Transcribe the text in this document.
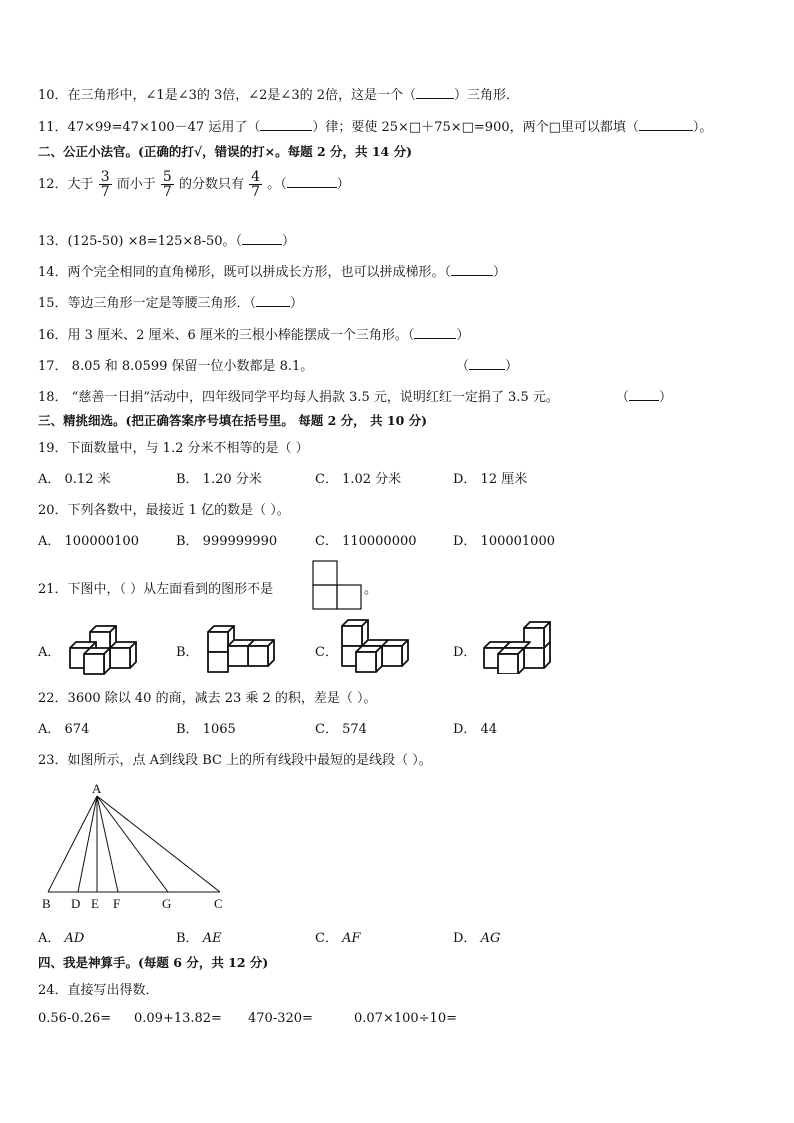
10．在三角形中，∠1是∠3的 3倍，∠2是∠3的 2倍，这是一个（	）三角形．
11．47×99=47×100－47 运用了（	）律；要使 25×□＋75×□=900，两个□里可以都填（	）。
二、公正小法官。(正确的打√，错误的打×。每题 2 分，共 14 分)
12．大于 $\frac{3}{7}$ 而小于 $\frac{5}{7}$ 的分数只有 $\frac{4}{7}$ 。（	）
13．(125-50) ×8=125×8-50。（	）
14．两个完全相同的直角梯形，既可以拼成长方形，也可以拼成梯形。（	）
15．等边三角形一定是等腰三角形．（	）
16．用 3 厘米、2 厘米、6 厘米的三根小棒能摆成一个三角形。（	）
17． 8.05 和 8.0599 保留一位小数都是 8.1。	（	）
18． “慈善一日捐”活动中，四年级同学平均每人捐款 3.5 元，说明红红一定捐了 3.5 元。	（ ）
三、精挑细选。(把正确答案序号填在括号里。 每题 2 分， 共 10 分)
19．下面数量中，与 1.2 分米不相等的是（ ）
A． 0.12 米	B． 1.20 分米	C． 1.02 分米	D． 12 厘米
20．下列各数中，最接近 1 亿的数是（ ）。
A． 100000100	B． 999999990	C． 110000000	D． 100001000
21．下图中，（ ）从左面看到的图形不是	。
A．	B．	C．	D．
22．3600 除以 40 的商，减去 23 乘 2 的积，差是（ ）。
A． 674	B． 1065	C． 574	D． 44
23．如图所示，点 A到线段 BC 上的所有线段中最短的是线段（ ）。
A
B D E F	G	C
A． AD	B． AE	C． AF	D． AG
四、我是神算手。(每题 6 分，共 12 分)
24．直接写出得数．
0.56-0.26= 0.09+13.82= 470-320=	0.07×100÷10=
